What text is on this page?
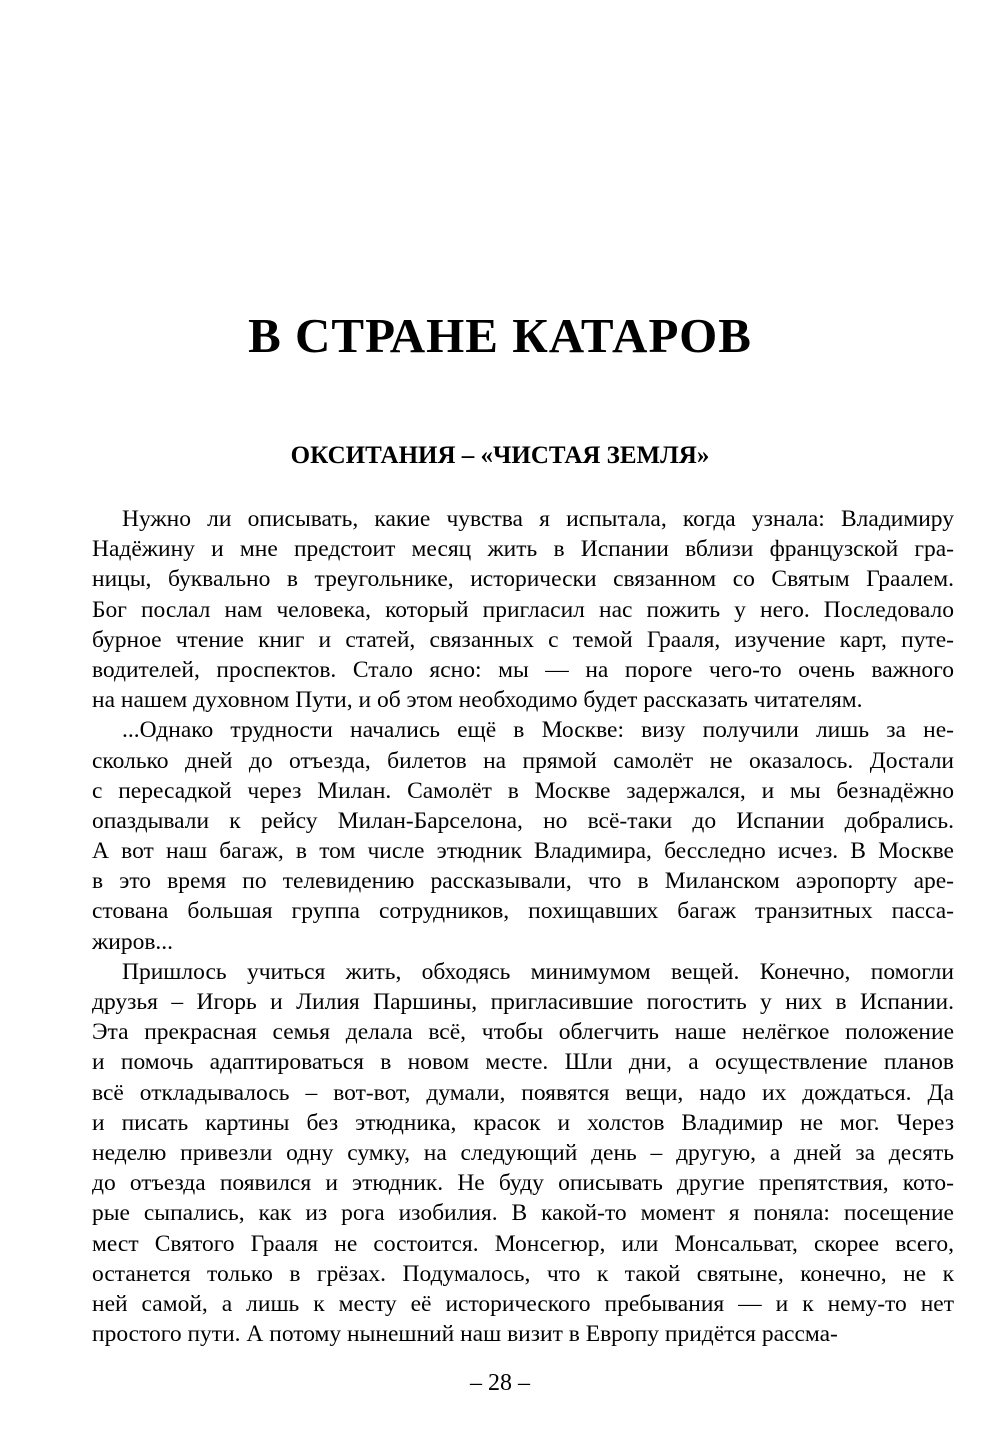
В СТРАНЕ КАТАРОВ
ОКСИТАНИЯ – «ЧИСТАЯ ЗЕМЛЯ»
Нужно ли описывать, какие чувства я испытала, когда узнала: Владимиру
Надёжину и мне предстоит месяц жить в Испании вблизи французской гра-
ницы, буквально в треугольнике, исторически связанном со Святым Граалем.
Бог послал нам человека, который пригласил нас пожить у него. Последовало
бурное чтение книг и статей, связанных с темой Грааля, изучение карт, путе-
водителей, проспектов. Стало ясно: мы — на пороге чего-то очень важного
на нашем духовном Пути, и об этом необходимо будет рассказать читателям.
...Однако трудности начались ещё в Москве: визу получили лишь за не-
сколько дней до отъезда, билетов на прямой самолёт не оказалось. Достали
с пересадкой через Милан. Самолёт в Москве задержался, и мы безнадёжно
опаздывали к рейсу Милан-Барселона, но всё-таки до Испании добрались.
А вот наш багаж, в том числе этюдник Владимира, бесследно исчез. В Москве
в это время по телевидению рассказывали, что в Миланском аэропорту аре-
стована большая группа сотрудников, похищавших багаж транзитных пасса-
жиров...
Пришлось учиться жить, обходясь минимумом вещей. Конечно, помогли
друзья – Игорь и Лилия Паршины, пригласившие погостить у них в Испании.
Эта прекрасная семья делала всё, чтобы облегчить наше нелёгкое положение
и помочь адаптироваться в новом месте. Шли дни, а осуществление планов
всё откладывалось – вот-вот, думали, появятся вещи, надо их дождаться. Да
и писать картины без этюдника, красок и холстов Владимир не мог. Через
неделю привезли одну сумку, на следующий день – другую, а дней за десять
до отъезда появился и этюдник. Не буду описывать другие препятствия, кото-
рые сыпались, как из рога изобилия. В какой-то момент я поняла: посещение
мест Святого Грааля не состоится. Монсегюр, или Монсальват, скорее всего,
останется только в грёзах. Подумалось, что к такой святыне, конечно, не к
ней самой, а лишь к месту её исторического пребывания — и к нему-то нет
простого пути. А потому нынешний наш визит в Европу придётся рассма-
– 28 –
